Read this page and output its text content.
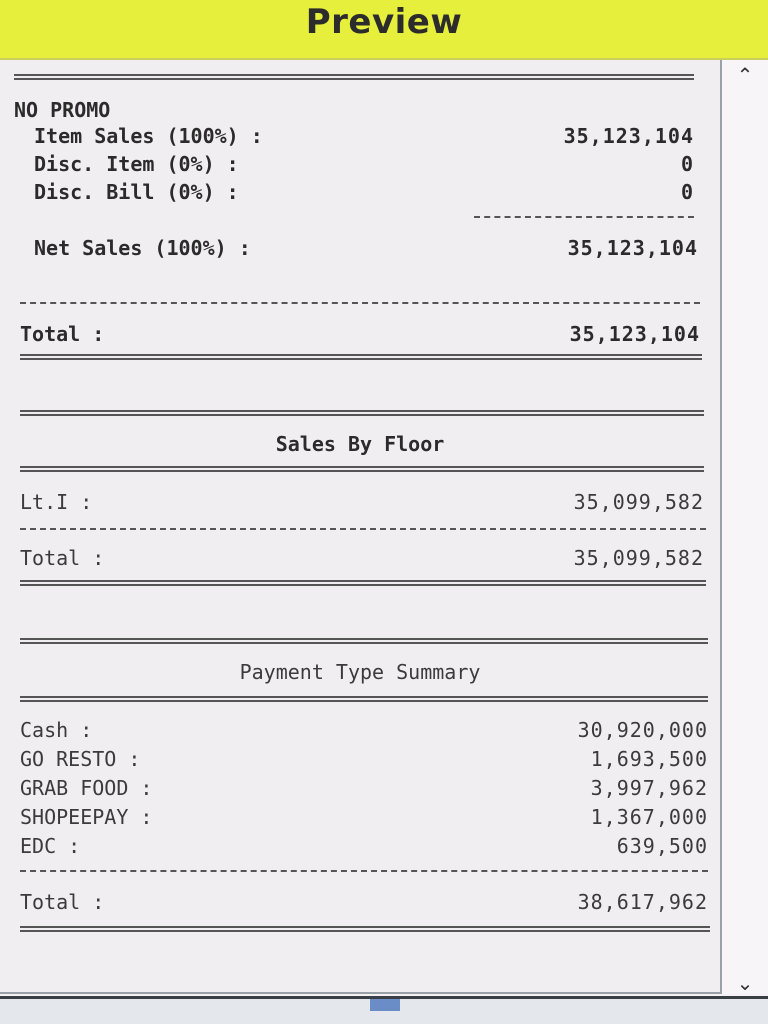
Preview

NO PROMO

Item Sales (100%) :

	35,123,104

Disc. Item (0%) :

	0

Disc. Bill (0%) :

	0

Net Sales (100%) :

	35,123,104

Total :

	35,123,104

Sales By Floor

Lt.I :

	35,099,582

Total :

	35,099,582

Payment Type Summary

Cash :

	30,920,000

GO RESTO :

	1,693,500

GRAB FOOD :

	3,997,962

SHOPEEPAY :

	1,367,000

EDC :

	639,500

Total :

	38,617,962

⌃
⌄
